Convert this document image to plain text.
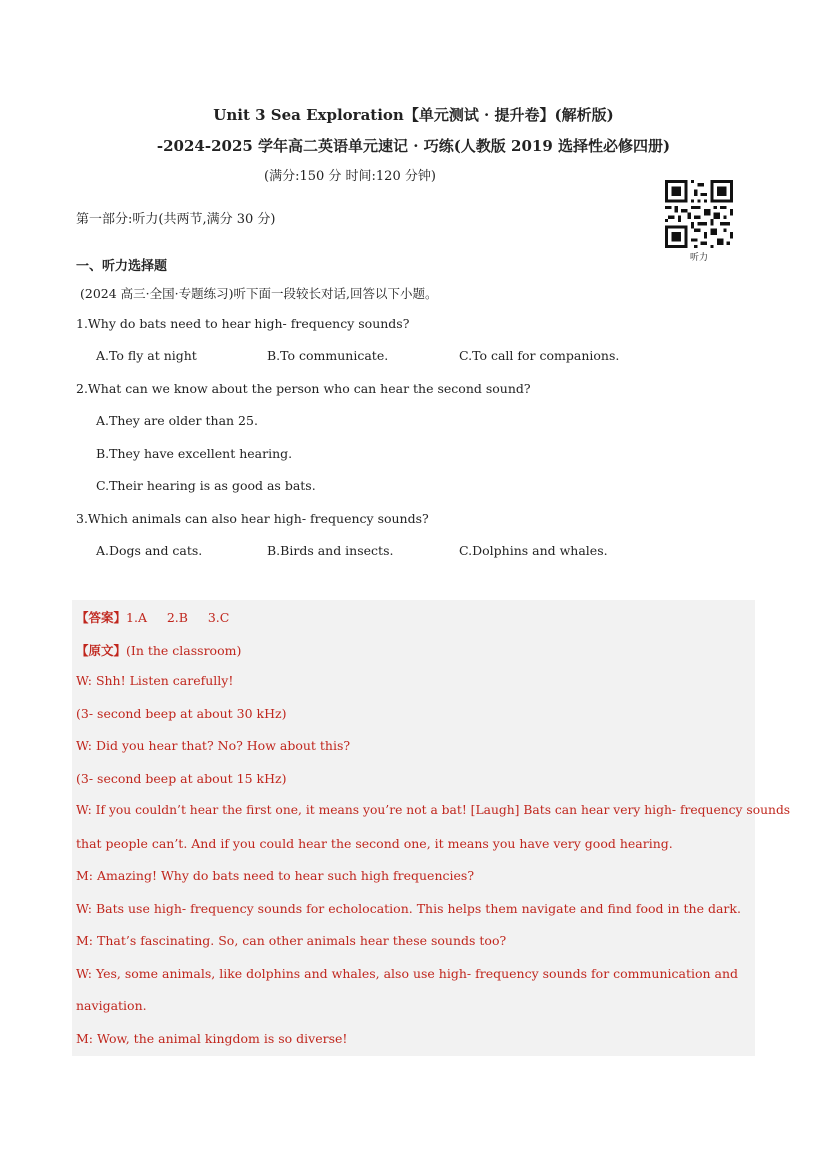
Unit 3 Sea Exploration【单元测试 · 提升卷】(解析版)
-2024-2025 学年高二英语单元速记 · 巧练(人教版 2019 选择性必修四册)
(满分:150 分 时间:120 分钟)
听力
第一部分:听力(共两节,满分 30 分)
一、听力选择题
(2024 高三·全国·专题练习)听下面一段较长对话,回答以下小题。
1.Why do bats need to hear high- frequency sounds?
A.To fly at night	B.To communicate.	C.To call for companions.
2.What can we know about the person who can hear the second sound?
A.They are older than 25.
B.They have excellent hearing.
C.Their hearing is as good as bats.
3.Which animals can also hear high- frequency sounds?
A.Dogs and cats.	B.Birds and insects.	C.Dolphins and whales.
【答案】1.A     2.B     3.C
【原文】(In the classroom)
W: Shh! Listen carefully!
(3- second beep at about 30 kHz)
W: Did you hear that? No? How about this?
(3- second beep at about 15 kHz)
W: If you couldn’t hear the first one, it means you’re not a bat! [Laugh] Bats can hear very high- frequency sounds
that people can’t. And if you could hear the second one, it means you have very good hearing.
M: Amazing! Why do bats need to hear such high frequencies?
W: Bats use high- frequency sounds for echolocation. This helps them navigate and find food in the dark.
M: That’s fascinating. So, can other animals hear these sounds too?
W: Yes, some animals, like dolphins and whales, also use high- frequency sounds for communication and
navigation.
M: Wow, the animal kingdom is so diverse!
